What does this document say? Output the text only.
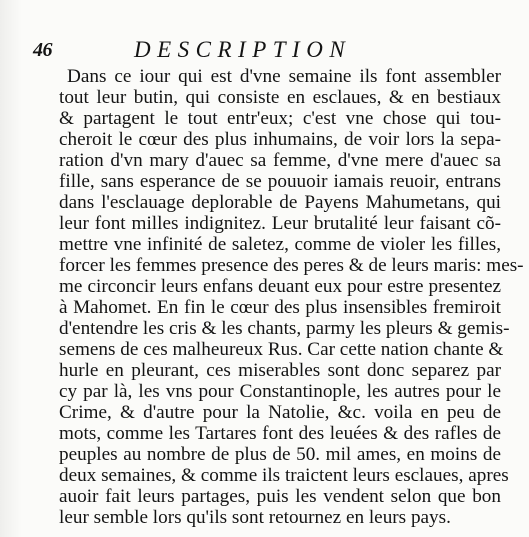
46	DESCRIPTION
Dans ce iour qui est d'vne semaine ils font assembler
tout leur butin, qui consiste en esclaues, & en bestiaux
& partagent le tout entr'eux; c'est vne chose qui tou-
cheroit le cœur des plus inhumains, de voir lors la sepa-
ration d'vn mary d'auec sa femme, d'vne mere d'auec sa
fille, sans esperance de se pouuoir iamais reuoir, entrans
dans l'esclauage deplorable de Payens Mahumetans, qui
leur font milles indignitez. Leur brutalité leur faisant cõ-
mettre vne infinité de saletez, comme de violer les filles,
forcer les femmes presence des peres & de leurs maris: mes-
me circoncir leurs enfans deuant eux pour estre presentez
à Mahomet. En fin le cœur des plus insensibles fremiroit
d'entendre les cris & les chants, parmy les pleurs & gemis-
semens de ces malheureux Rus. Car cette nation chante &
hurle en pleurant, ces miserables sont donc separez par
cy par là, les vns pour Constantinople, les autres pour le
Crime, & d'autre pour la Natolie, &c. voila en peu de
mots, comme les Tartares font des leuées & des rafles de
peuples au nombre de plus de 50. mil ames, en moins de
deux semaines, & comme ils traictent leurs esclaues, apres
auoir fait leurs partages, puis les vendent selon que bon
leur semble lors qu'ils sont retournez en leurs pays.
